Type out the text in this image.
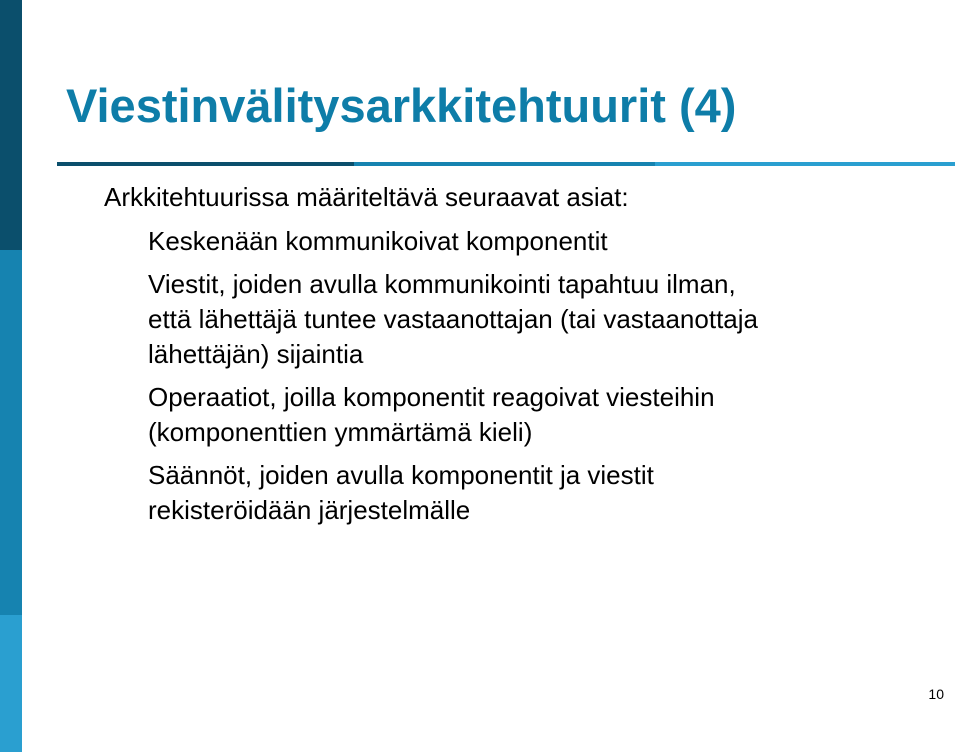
Viestinvälitysarkkitehtuurit (4)

Arkkitehtuurissa määriteltävä seuraavat asiat:

Keskenään kommunikoivat komponentit
Viestit, joiden avulla kommunikointi tapahtuu ilman,
että lähettäjä tuntee vastaanottajan (tai vastaanottaja
lähettäjän) sijaintia
Operaatiot, joilla komponentit reagoivat viesteihin
(komponenttien ymmärtämä kieli)
Säännöt, joiden avulla komponentit ja viestit
rekisteröidään järjestelmälle
10
